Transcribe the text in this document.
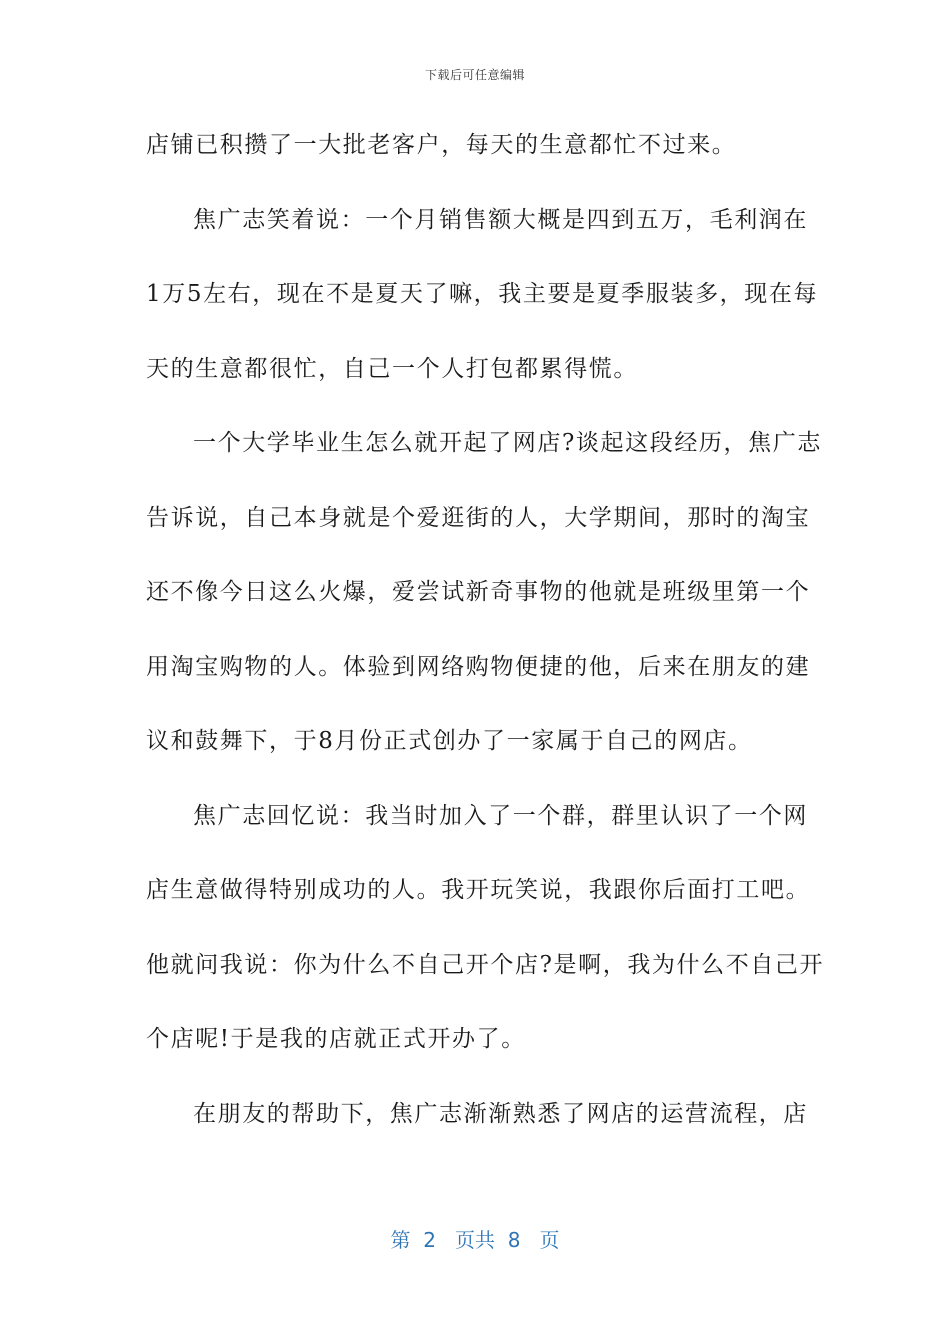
下载后可任意编辑
店铺已积攒了一大批老客户，每天的生意都忙不过来。
焦广志笑着说：一个月销售额大概是四到五万，毛利润在
1万5左右，现在不是夏天了嘛，我主要是夏季服装多，现在每
天的生意都很忙，自己一个人打包都累得慌。
一个大学毕业生怎么就开起了网店?谈起这段经历，焦广志
告诉说，自己本身就是个爱逛街的人，大学期间，那时的淘宝
还不像今日这么火爆，爱尝试新奇事物的他就是班级里第一个
用淘宝购物的人。体验到网络购物便捷的他，后来在朋友的建
议和鼓舞下，于8月份正式创办了一家属于自己的网店。
焦广志回忆说：我当时加入了一个群，群里认识了一个网
店生意做得特别成功的人。我开玩笑说，我跟你后面打工吧。
他就问我说：你为什么不自己开个店?是啊，我为什么不自己开
个店呢!于是我的店就正式开办了。
在朋友的帮助下，焦广志渐渐熟悉了网店的运营流程，店
第  2   页共  8   页
